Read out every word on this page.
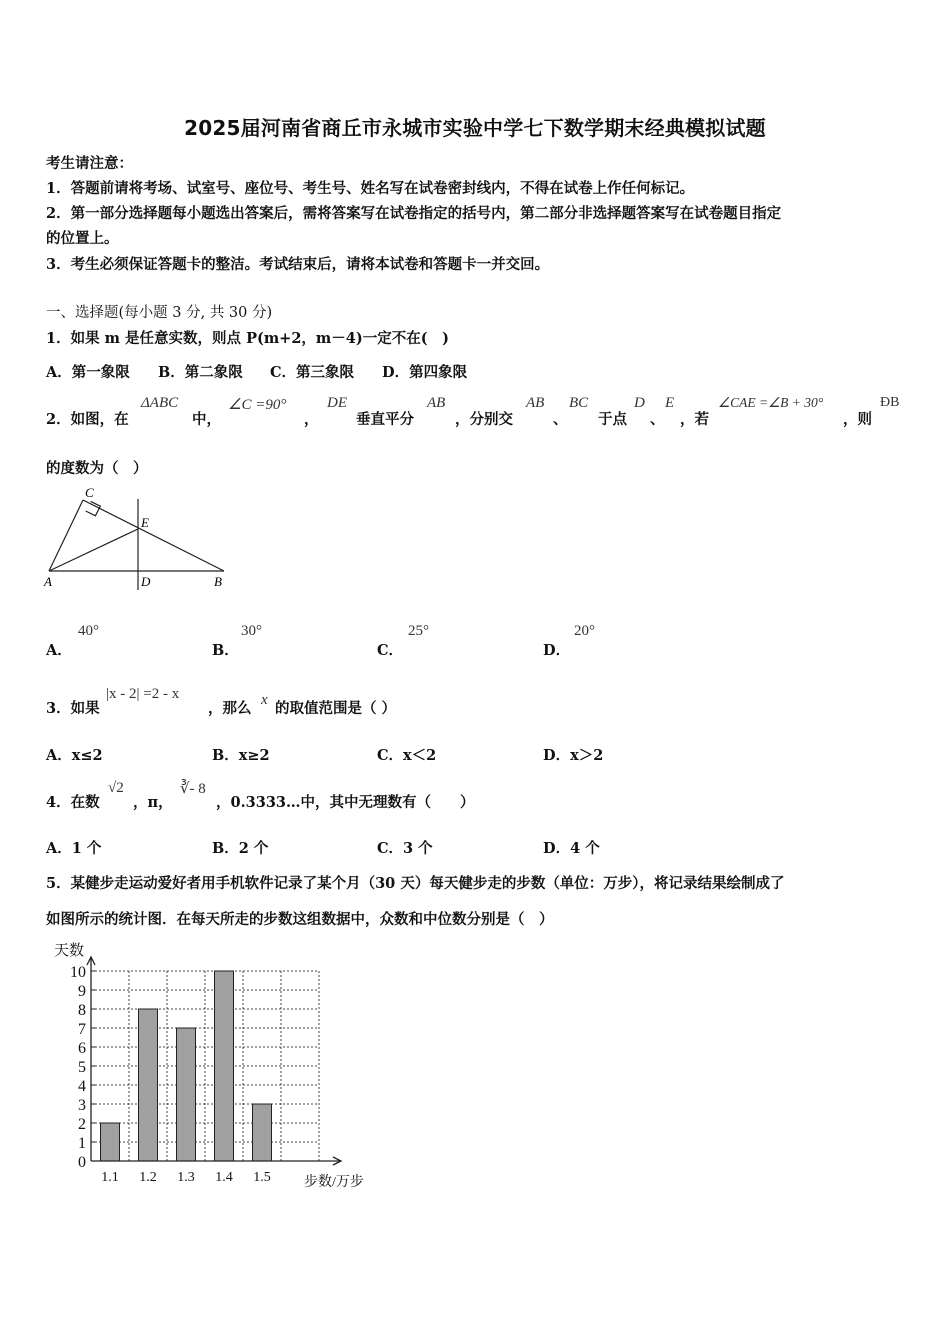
2025届河南省商丘市永城市实验中学七下数学期末经典模拟试题
考生请注意：
1．答题前请将考场、试室号、座位号、考生号、姓名写在试卷密封线内，不得在试卷上作任何标记。
2．第一部分选择题每小题选出答案后，需将答案写在试卷指定的括号内，第二部分非选择题答案写在试卷题目指定
的位置上。
3．考生必须保证答题卡的整洁。考试结束后，请将本试卷和答题卡一并交回。
一、选择题(每小题 3 分, 共 30 分)
1．如果 m 是任意实数，则点 P(m+2，m－4)一定不在(　)
A．第一象限 B．第二象限 C．第三象限 D．第四象限
2．如图，在
ΔABC
中，
∠C =90°
，
DE
垂直平分
AB
，分别交
AB
、
BC
于点
D
、
E
，若
∠CAE =∠B + 30°
，则
ÐB
的度数为（　）
C
E
A	D	B
A．
40°
B．
30°
C．
25°
D．
20°
3．如果
|x - 2| =2 - x
，那么 x 的取值范围是（ ）
A．x≤2	B．x≥2	C．x＜2	D．x＞2
4．在数
√2
，π，
∛- 8
，0.3333…中，其中无理数有（　　）
A．1 个	B．2 个	C．3 个	D．4 个
5．某健步走运动爱好者用手机软件记录了某个月（30 天）每天健步走的步数（单位：万步），将记录结果绘制成了
如图所示的统计图．在每天所走的步数这组数据中，众数和中位数分别是（　）
0
1
2
3
4
5
6
7
8
9
10
1.1 1.2 1.3 1.4 1.5
天数
步数/万步
